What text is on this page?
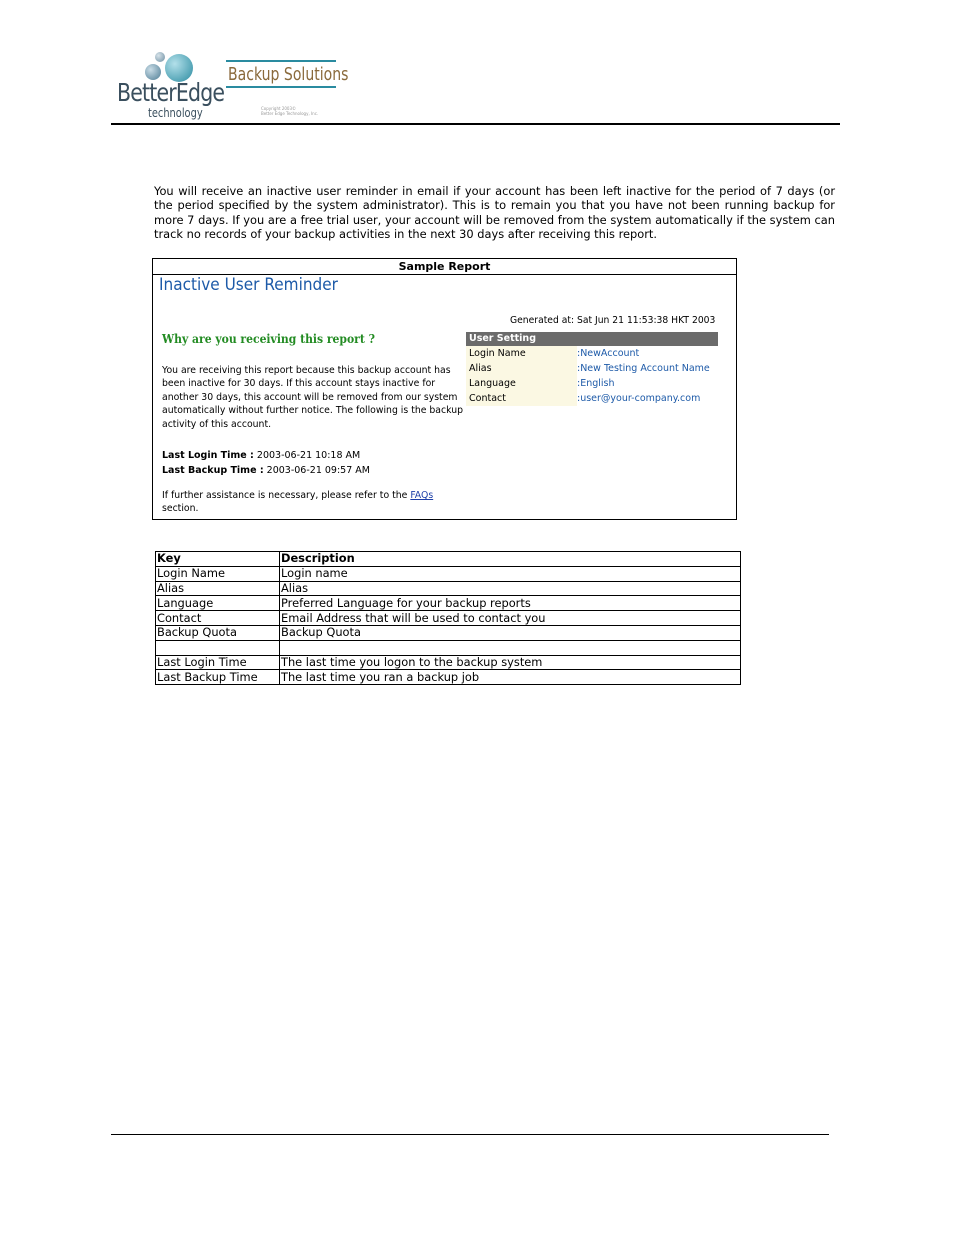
BetterEdge
technology
Backup Solutions
Copyright 2003©
Better Edge Technology, Inc.
You will receive an inactive user reminder in email if your account has been left inactive for the period of 7 days (or the period specified by the system administrator). This is to remain you that you have not been running backup for more 7 days. If you are a free trial user, your account will be removed from the system automatically if the system can track no records of your backup activities in the next 30 days after receiving this report.
Sample Report
Inactive User Reminder
Generated at: Sat Jun 21 11:53:38 HKT 2003
Why are you receiving this report ?
You are receiving this report because this backup account has been inactive for 30 days. If this account stays inactive for another 30 days, this account will be removed from our system automatically without further notice. The following is the backup activity of this account.
Last Login Time : 2003-06-21 10:18 AM
Last Backup Time : 2003-06-21 09:57 AM
If further assistance is necessary, please refer to the FAQs
section.
User Setting
Login Name	:NewAccount
Alias	:New Testing Account Name
Language	:English
Contact	:user@your-company.com
Key	Description
Login Name	Login name
Alias	Alias
Language	Preferred Language for your backup reports
Contact	Email Address that will be used to contact you
Backup Quota	Backup Quota

Last Login Time	The last time you logon to the backup system
Last Backup Time	The last time you ran a backup job
